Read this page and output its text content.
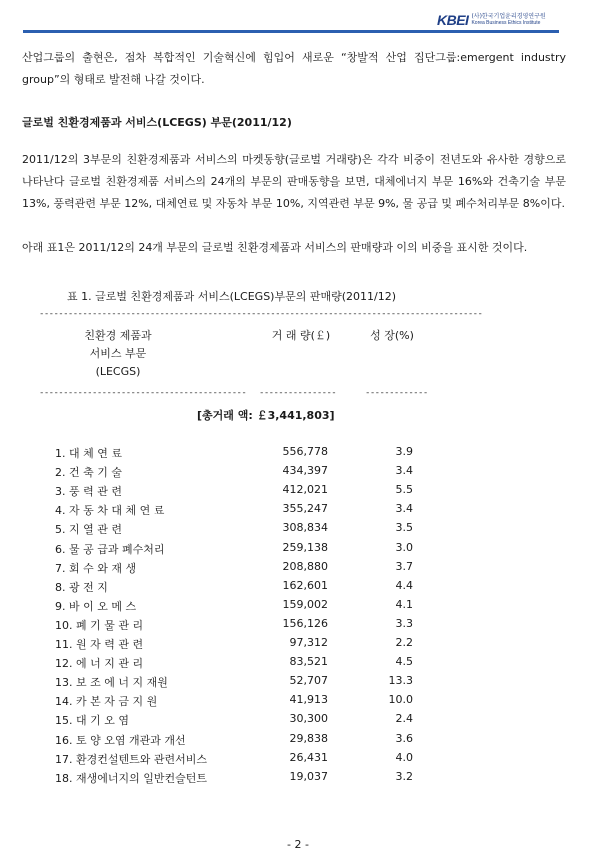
KBEI (사)한국기업윤리경영연구원
Korea Business Ethics Institute

산업그룹의 출현은, 점차 복합적인 기술혁신에 힘입어 새로운 “창발적 산업 집단그룹:emergent industry group”의 형태로 발전해 나갈 것이다.

글로벌 친환경제품과 서비스(LCEGS) 부문(2011/12)

2011/12의 3부문의 친환경제품과 서비스의 마켓동향(글로벌 거래량)은 각각 비중이 전년도와 유사한 경향으로 나타난다 글로벌 친환경제품 서비스의 24개의 부문의 판매동향을 보면, 대체에너지 부문 16%와 건축기술 부문 13%, 풍력관련 부문 12%, 대체연료 및 자동차 부문 10%, 지역관련 부문 9%, 물 공급 및 폐수처리부문 8%이다.

아래 표1은 2011/12의 24개 부문의 글로벌 친환경제품과 서비스의 판매량과 이의 비중을 표시한 것이다.

표 1. 글로벌 친환경제품과 서비스(LCEGS)부문의 판매량(2011/12)
--------------------------------------------------------------------------------------------
친환경 제품과
서비스 부문
(LECGS)
거 래 량(￡)	성 장(%)
-------------------------------------------	----------------	-------------
[총거래 액: ￡3,441,803]
1. 대 체 연 료	556,778	3.9
2. 건 축 기 술	434,397	3.4
3. 풍 력 관 련	412,021	5.5
4. 자 동 차 대 체 연 료	355,247	3.4
5. 지 열 관 련	308,834	3.5
6. 물 공 급과 폐수처리	259,138	3.0
7. 회 수 와 재 생	208,880	3.7
8. 광 전 지	162,601	4.4
9. 바 이 오 메 스	159,002	4.1
10. 폐 기 물 관 리	156,126	3.3
11. 원 자 력 관 련	97,312	2.2
12. 에 너 지 관 리	83,521	4.5
13. 보 조 에 너 지 재원	52,707	13.3
14. 카 본 자 금 지 원	41,913	10.0
15. 대 기 오 염	30,300	2.4
16. 토 양 오염 개관과 개선	29,838	3.6
17. 환경컨설텐트와 관련서비스	26,431	4.0
18. 재생에너지의 일반컨슬턴트	19,037	3.2
- 2 -
